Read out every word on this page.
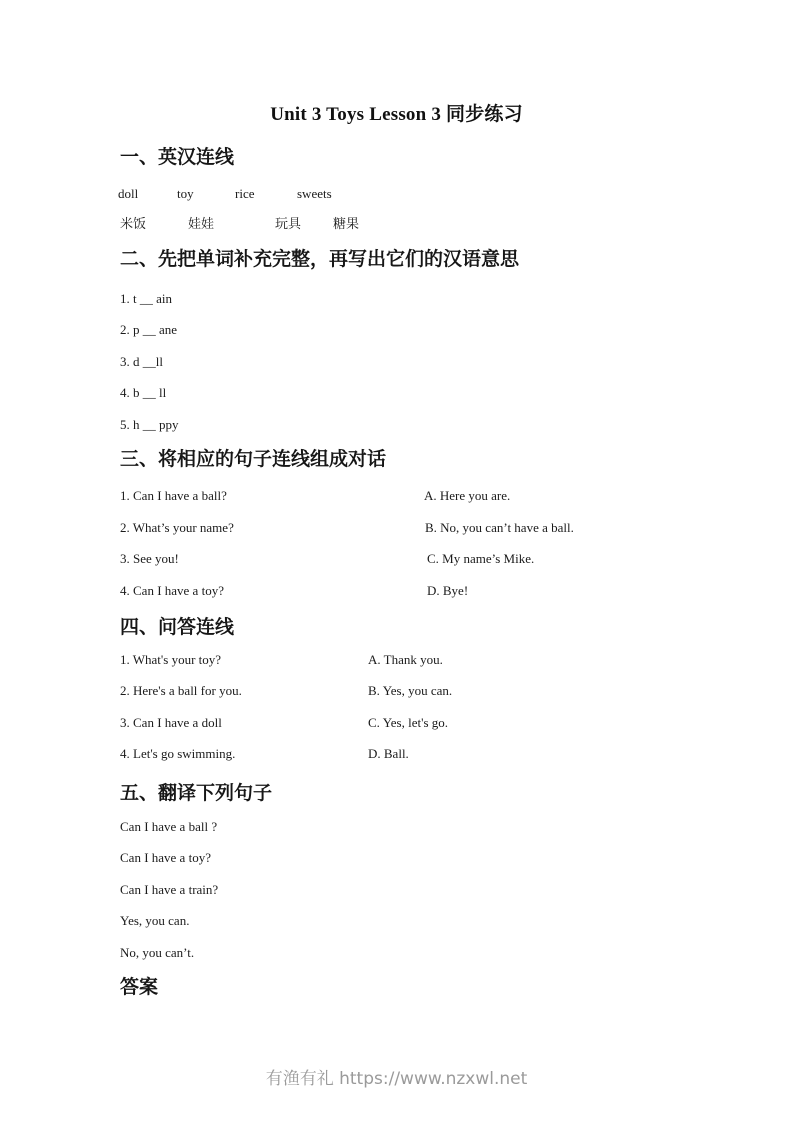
Unit 3 Toys Lesson 3 同步练习
一、英汉连线
doll	toy	rice	sweets
米饭	娃娃	玩具 糖果
二、先把单词补充完整，再写出它们的汉语意思
1. t __ ain
2. p __ ane
3. d __ll
4. b __ ll
5. h __ ppy
三、将相应的句子连线组成对话
1. Can I have a ball?	A. Here you are.
2. What’s your name?	B. No, you can’t have a ball.
3. See you!	C. My name’s Mike.
4. Can I have a toy?	D. Bye!
四、问答连线
1. What's your toy?	A. Thank you.
2. Here's a ball for you.	B. Yes, you can.
3. Can I have a doll	C. Yes, let's go.
4. Let's go swimming.	D. Ball.
五、翻译下列句子
Can I have a ball ?
Can I have a toy?
Can I have a train?
Yes, you can.
No, you can’t.
答案
有渔有礼 https://www.nzxwl.net
